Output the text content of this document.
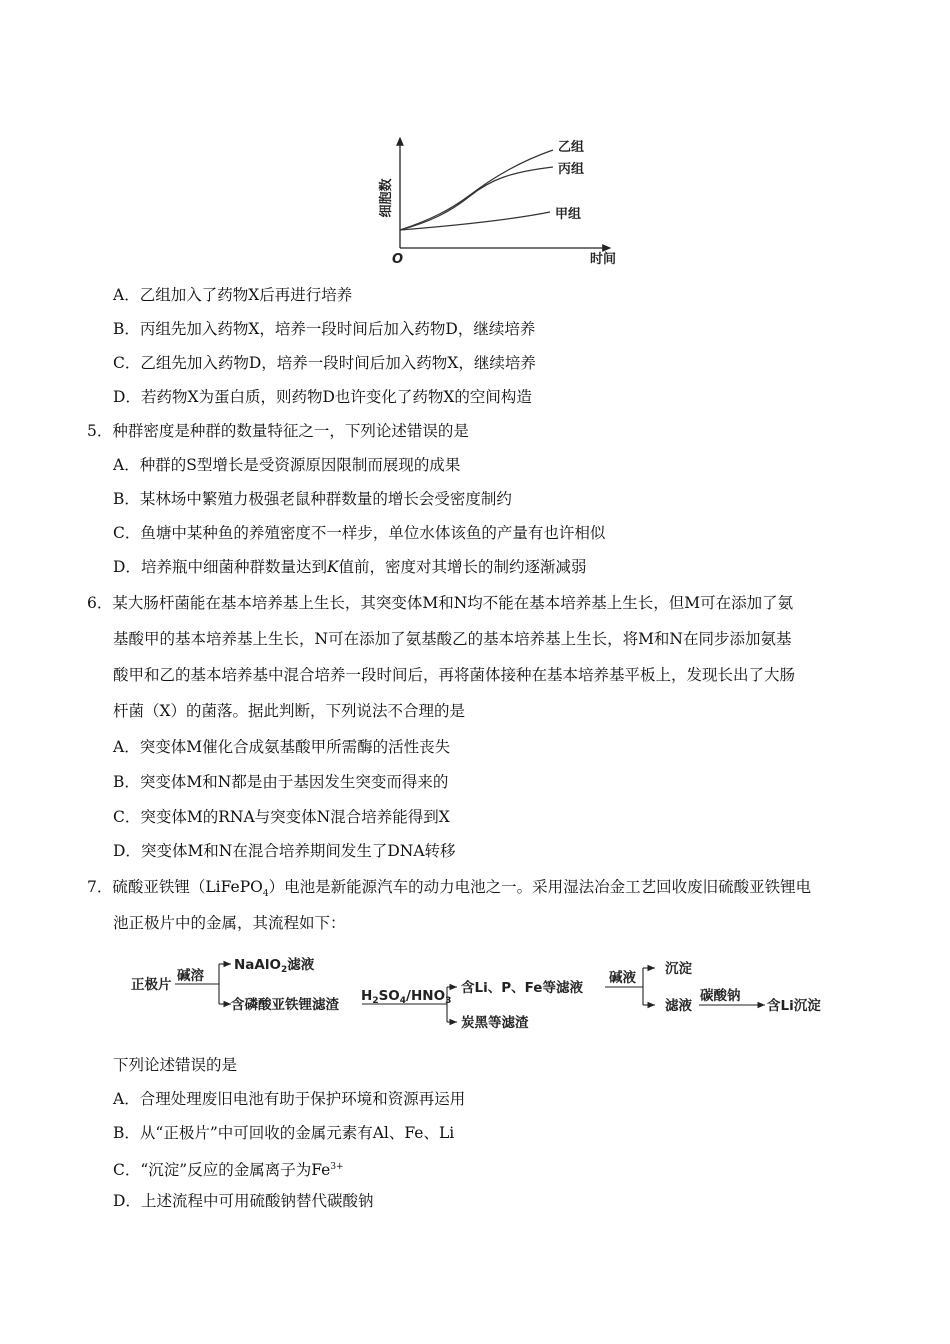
细胞数
时间
O
乙组
丙组
甲组
A．乙组加入了药物X后再进行培养
B．丙组先加入药物X，培养一段时间后加入药物D，继续培养
C．乙组先加入药物D，培养一段时间后加入药物X，继续培养
D．若药物X为蛋白质，则药物D也许变化了药物X的空间构造
5．种群密度是种群的数量特征之一，下列论述错误的是
A．种群的S型增长是受资源原因限制而展现的成果
B．某林场中繁殖力极强老鼠种群数量的增长会受密度制约
C．鱼塘中某种鱼的养殖密度不一样步，单位水体该鱼的产量有也许相似
D．培养瓶中细菌种群数量达到K值前，密度对其增长的制约逐渐减弱
6．某大肠杆菌能在基本培养基上生长，其突变体M和N均不能在基本培养基上生长，但M可在添加了氨
基酸甲的基本培养基上生长，N可在添加了氨基酸乙的基本培养基上生长，将M和N在同步添加氨基
酸甲和乙的基本培养基中混合培养一段时间后，再将菌体接种在基本培养基平板上，发现长出了大肠
杆菌（X）的菌落。据此判断，下列说法不合理的是
A．突变体M催化合成氨基酸甲所需酶的活性丧失
B．突变体M和N都是由于基因发生突变而得来的
C．突变体M的RNA与突变体N混合培养能得到X
D．突变体M和N在混合培养期间发生了DNA转移
7．硫酸亚铁锂（LiFePO$_4$）电池是新能源汽车的动力电池之一。采用湿法冶金工艺回收废旧硫酸亚铁锂电
池正极片中的金属，其流程如下：
正极片
碱溶
NaAlO$_2$滤液
含磷酸亚铁锂滤渣
$H_2SO_4/HNO_3$
含Li、P、Fe等滤液
炭黑等滤渣
碱液
沉淀
滤液
碳酸钠
含Li沉淀
下列论述错误的是
A．合理处理废旧电池有助于保护环境和资源再运用
B．从“正极片”中可回收的金属元素有Al、Fe、Li
C．“沉淀”反应的金属离子为$Fe^{3+}$
D．上述流程中可用硫酸钠替代碳酸钠
